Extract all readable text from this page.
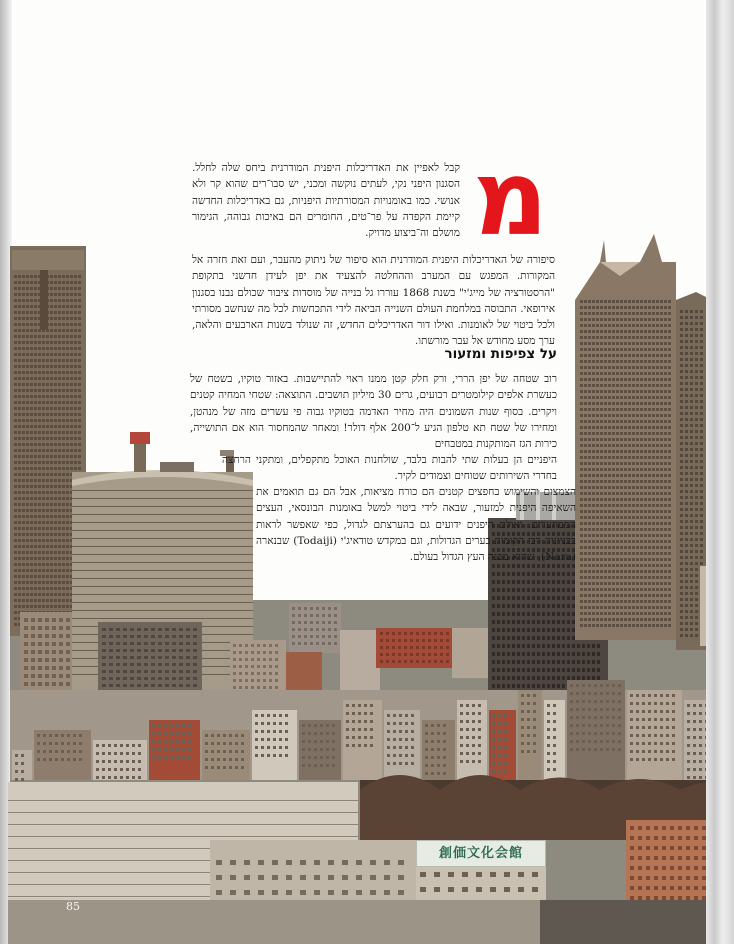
מ

קבל לאפיין את האדריכלות היפנית המודרנית ביחס שלה לחלל. הסגנון היפני נקי, לעתים נוקשה ומכני, יש סבו־רים שהוא קר ולא אנושי. כמו באומנויות המסורתיות היפניות, גם באדריכלות החדשה קיימת הקפדה על פר־טים, החומרים הם באיכות גבוהה, הגימור מושלם וה־ביצוע מדויק.

סיפורה של האדריכלות היפנית המודרנית הוא סיפור של ניתוק מהעבר, ועם זאת חזרה אל המקורות. המפגש עם המערב וההחלטה להצעיד את יפן לעידן חדשני בתקופת "הרסטורציה של מייג'י" בשנת 1868 עוררו גל בנייה של מוסדות ציבור שכולם נבנו בסגנון אירופאי. התבוסה במלחמת העולם השנייה הביאה לידי התכחשות לכל מה שנחשב מסורתי ולכל ביטוי של לאומנות. ואילו דור האדריכלים החדש, זה שנולד בשנות הארבעים והלאה, ערך מסע מחודש אל עבר מורשתו.

על צפיפות ומזעור

רוב שטחה של יפן הררי, ורק חלק קטן ממנו ראוי להתיישבות. באזור טוקיו, בשטח של כעשרת אלפים קילומטרים רבועים, גרים 30 מיליון תושבים. התוצאה: שטחי המחיה קטנים ויקרים. בסוף שנות השמונים היה מחיר האדמה בטוקיו גבוה פי עשרים מזה של מנהטן, ומחירו של שטח תא טלפון הגיע ל־200 אלף דולר! ומאחר שהמחסור הוא אם התושייה, כירות הגז המותקנות במטבחים

היפניים הן בעלות שתי להבות בלבד, שולחנות האוכל מתקפלים, ומתקני הרחצה בחדרי השירותים שטוחים וצמודים לקיר.

הצמצום והשימוש בחפצים קטנים הם כורח מציאות, אבל הם גם תואמים את השאיפה היפנית למזעור, שבאה לידי ביטוי למשל באומנות הבונסאי, העצים הממוזערים. ואולם היפנים ידועים גם בהערצתם לגדול, כפי שאפשר לראות בבנייניה רבי הקומות בערים הגדולות, וגם במקדש טודאיג'י (Todaiji) שבנארה (Nara), שהוא מבנה העץ הגדול בעולם.

創価文化会館
85
